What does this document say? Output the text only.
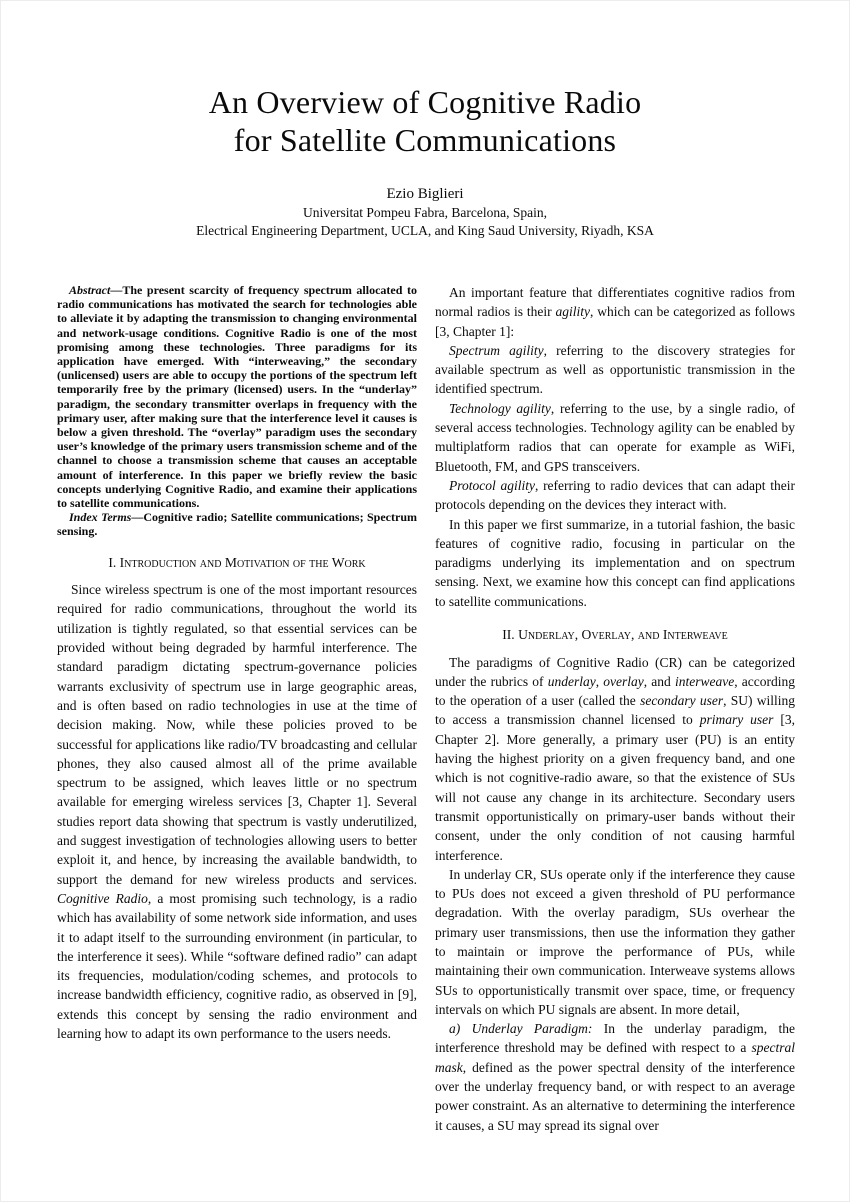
An Overview of Cognitive Radio
for Satellite Communications
Ezio Biglieri
Universitat Pompeu Fabra, Barcelona, Spain,
Electrical Engineering Department, UCLA, and King Saud University, Riyadh, KSA

Abstract—The present scarcity of frequency spectrum allocated to radio communications has motivated the search for technologies able to alleviate it by adapting the transmission to changing environmental and network-usage conditions. Cognitive Radio is one of the most promising among these technologies. Three paradigms for its application have emerged. With “interweaving,” the secondary (unlicensed) users are able to occupy the portions of the spectrum left temporarily free by the primary (licensed) users. In the “underlay” paradigm, the secondary transmitter overlaps in frequency with the primary user, after making sure that the interference level it causes is below a given threshold. The “overlay” paradigm uses the secondary user’s knowledge of the primary users transmission scheme and of the channel to choose a transmission scheme that causes an acceptable amount of interference. In this paper we briefly review the basic concepts underlying Cognitive Radio, and examine their applications to satellite communications.

Index Terms—Cognitive radio; Satellite communications; Spectrum sensing.

I. Introduction and Motivation of the Work

Since wireless spectrum is one of the most important resources required for radio communications, throughout the world its utilization is tightly regulated, so that essential services can be provided without being degraded by harmful interference. The standard paradigm dictating spectrum-governance policies warrants exclusivity of spectrum use in large geographic areas, and is often based on radio technologies in use at the time of decision making. Now, while these policies proved to be successful for applications like radio/TV broadcasting and cellular phones, they also caused almost all of the prime available spectrum to be assigned, which leaves little or no spectrum available for emerging wireless services [3, Chapter 1]. Several studies report data showing that spectrum is vastly underutilized, and suggest investigation of technologies allowing users to better exploit it, and hence, by increasing the available bandwidth, to support the demand for new wireless products and services. Cognitive Radio, a most promising such technology, is a radio which has availability of some network side information, and uses it to adapt itself to the surrounding environment (in particular, to the interference it sees). While “software defined radio” can adapt its frequencies, modulation/coding schemes, and protocols to increase bandwidth efficiency, cognitive radio, as observed in [9], extends this concept by sensing the radio environment and learning how to adapt its own performance to the users needs.

An important feature that differentiates cognitive radios from normal radios is their agility, which can be categorized as follows [3, Chapter 1]:

Spectrum agility, referring to the discovery strategies for available spectrum as well as opportunistic transmission in the identified spectrum.

Technology agility, referring to the use, by a single radio, of several access technologies. Technology agility can be enabled by multiplatform radios that can operate for example as WiFi, Bluetooth, FM, and GPS transceivers.

Protocol agility, referring to radio devices that can adapt their protocols depending on the devices they interact with.

In this paper we first summarize, in a tutorial fashion, the basic features of cognitive radio, focusing in particular on the paradigms underlying its implementation and on spectrum sensing. Next, we examine how this concept can find applications to satellite communications.

II. Underlay, Overlay, and Interweave

The paradigms of Cognitive Radio (CR) can be categorized under the rubrics of underlay, overlay, and interweave, according to the operation of a user (called the secondary user, SU) willing to access a transmission channel licensed to primary user [3, Chapter 2]. More generally, a primary user (PU) is an entity having the highest priority on a given frequency band, and one which is not cognitive-radio aware, so that the existence of SUs will not cause any change in its architecture. Secondary users transmit opportunistically on primary-user bands without their consent, under the only condition of not causing harmful interference.

In underlay CR, SUs operate only if the interference they cause to PUs does not exceed a given threshold of PU performance degradation. With the overlay paradigm, SUs overhear the primary user transmissions, then use the information they gather to maintain or improve the performance of PUs, while maintaining their own communication. Interweave systems allows SUs to opportunistically transmit over space, time, or frequency intervals on which PU signals are absent. In more detail,

a) Underlay Paradigm: In the underlay paradigm, the interference threshold may be defined with respect to a spectral mask, defined as the power spectral density of the interference over the underlay frequency band, or with respect to an average power constraint. As an alternative to determining the interference it causes, a SU may spread its signal over
